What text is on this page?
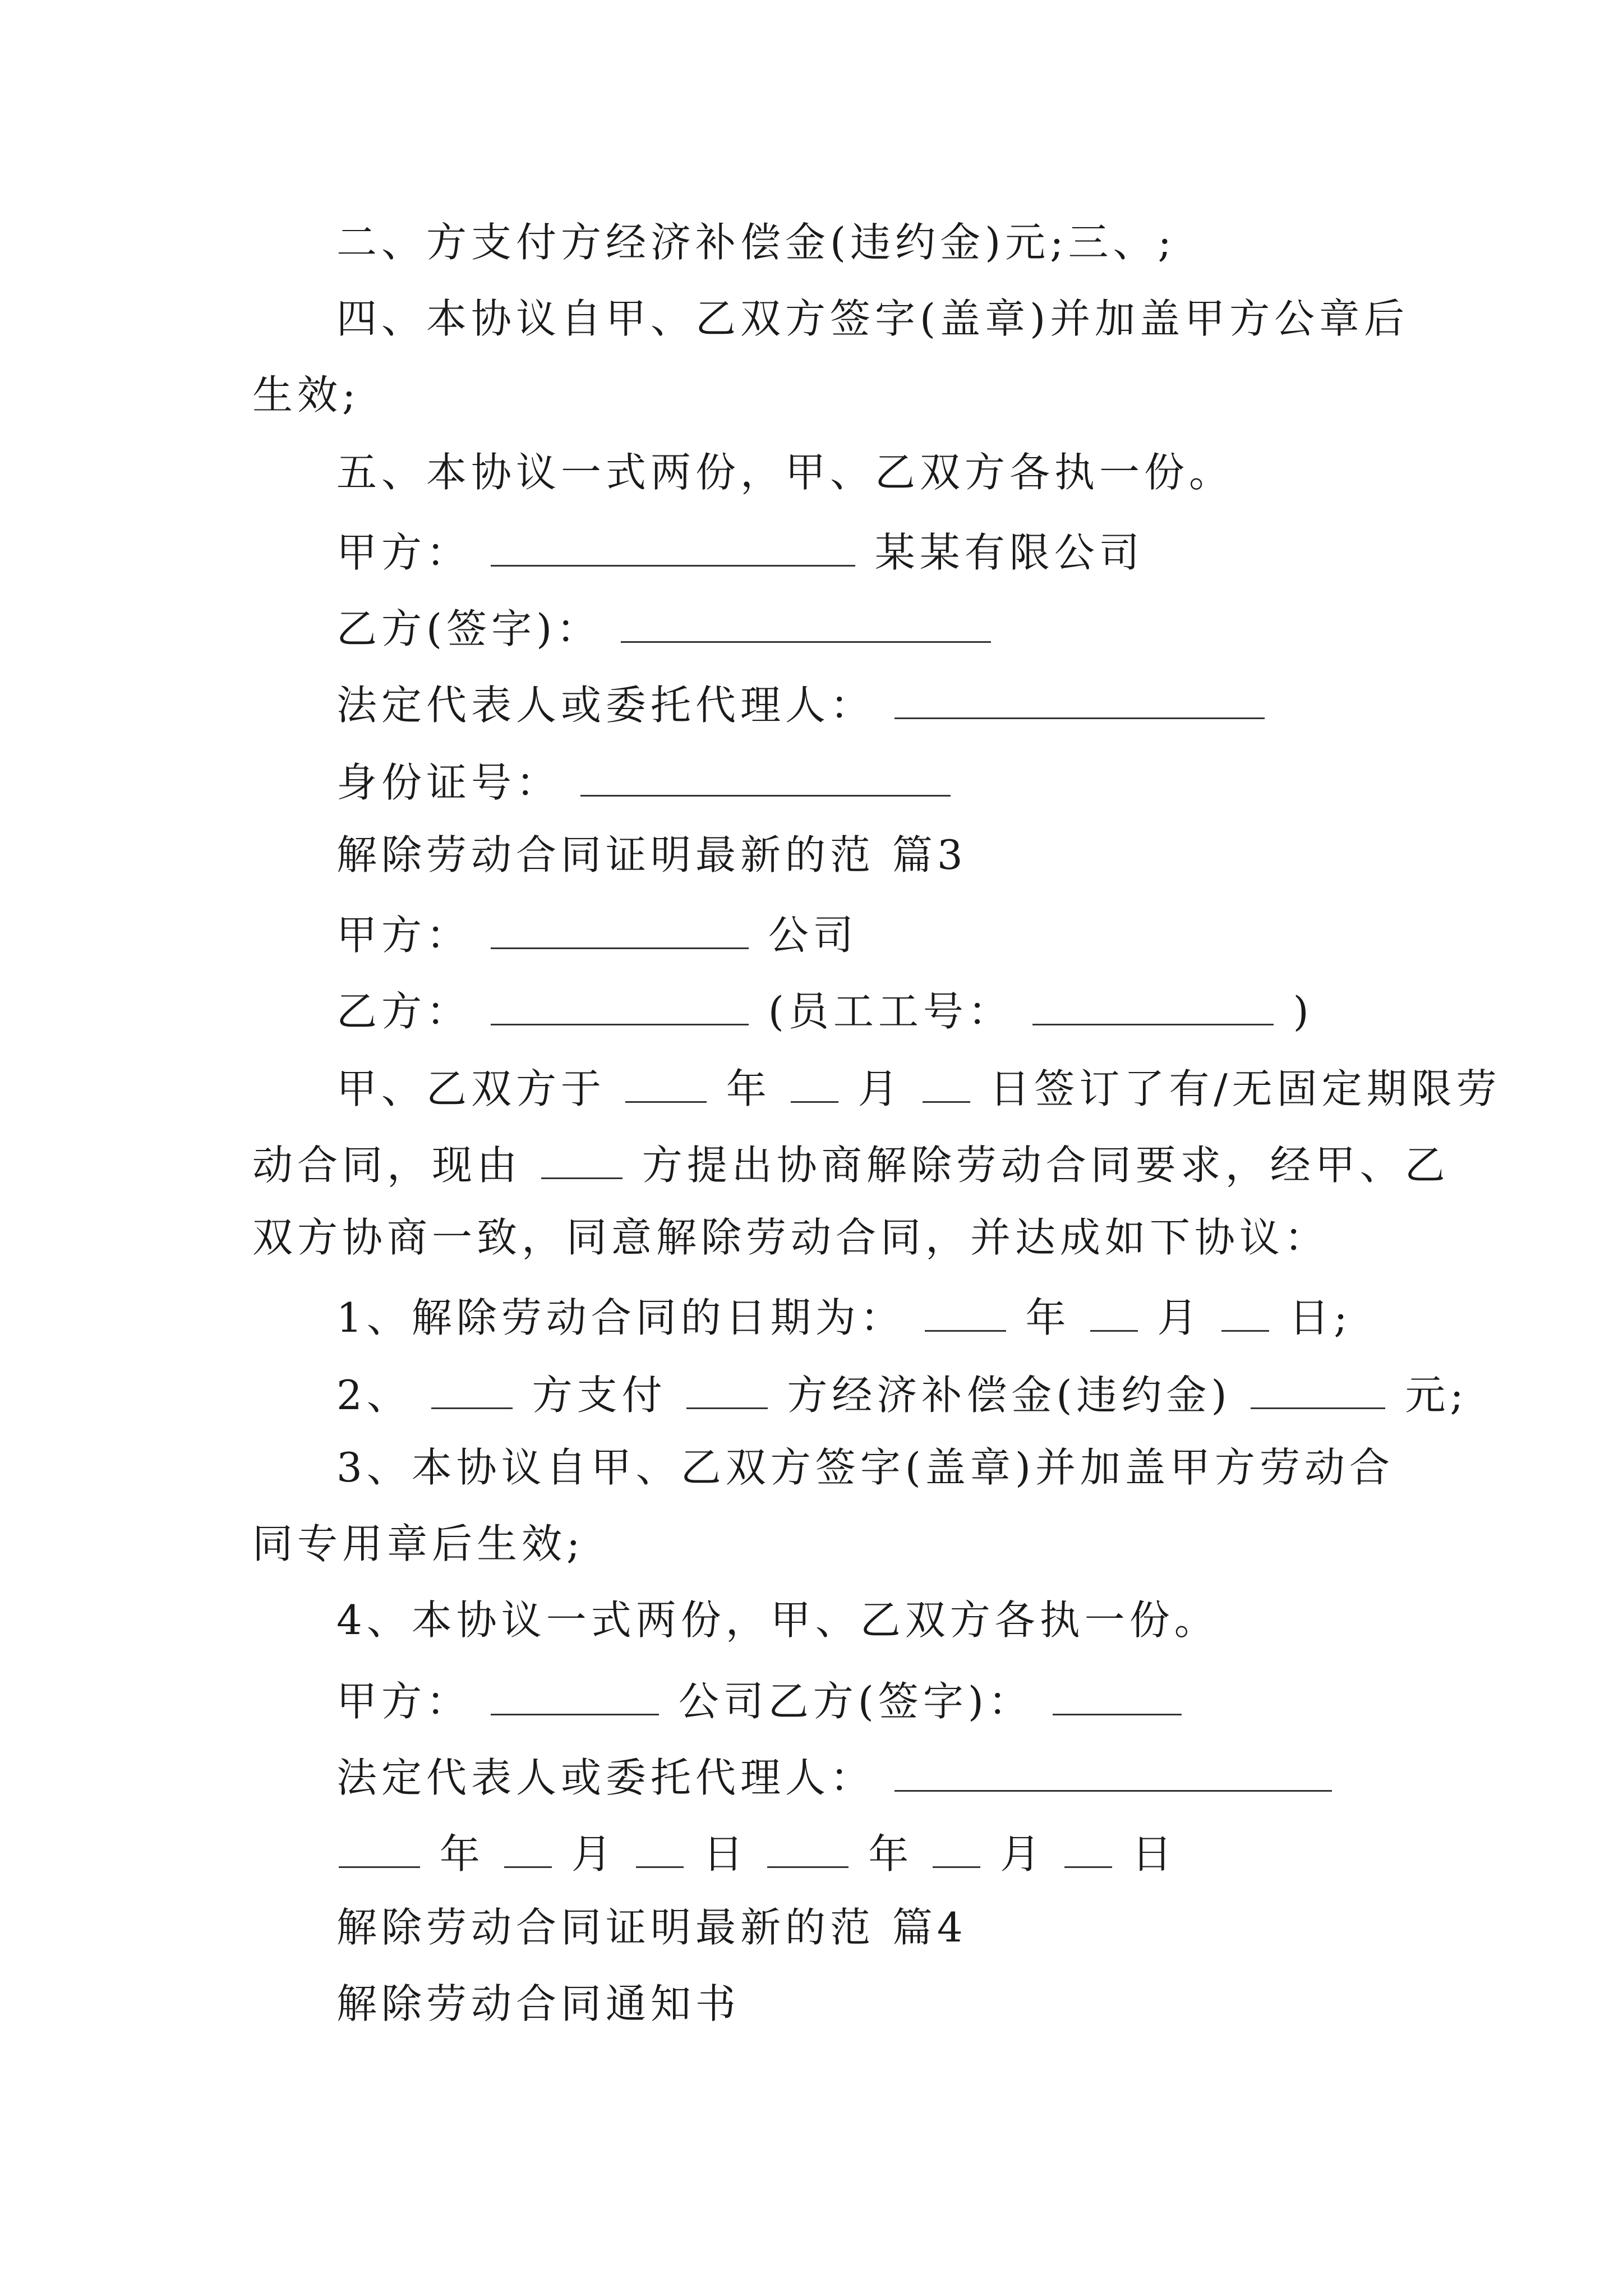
二、方支付方经济补偿金(违约金)元;三、;
四、本协议自甲、乙双方签字(盖章)并加盖甲方公章后
生效;
五、本协议一式两份，甲、乙双方各执一份。
甲方：	某某有限公司
乙方(签字)：
法定代表人或委托代理人：
身份证号：
解除劳动合同证明最新的范 篇3
甲方：	公司
乙方：	(员工工号：	)
甲、乙双方于	年 月 日签订了有/无固定期限劳
动合同，现由	方提出协商解除劳动合同要求，经甲、乙
双方协商一致，同意解除劳动合同，并达成如下协议：
1、解除劳动合同的日期为：	年 月 日;
2、	方支付	方经济补偿金(违约金)	元;
3、本协议自甲、乙双方签字(盖章)并加盖甲方劳动合
同专用章后生效;
4、本协议一式两份，甲、乙双方各执一份。
甲方：	公司乙方(签字)：
法定代表人或委托代理人：
年 月 日	年 月 日
解除劳动合同证明最新的范 篇4
解除劳动合同通知书
